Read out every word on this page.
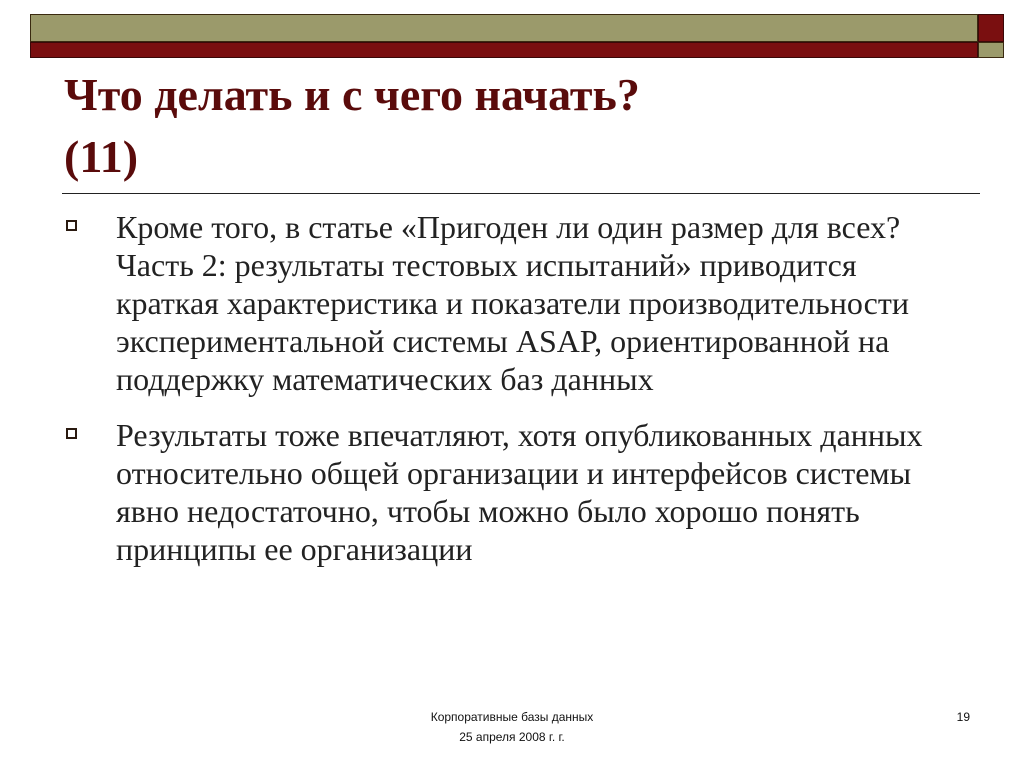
Что делать и с чего начать?
(11)
Кроме того, в статье «Пригоден ли один размер для всех? Часть 2: результаты тестовых испытаний» приводится краткая характеристика и показатели производительности экспериментальной системы ASAP, ориентированной на поддержку математических баз данных
Результаты тоже впечатляют, хотя опубликованных данных относительно общей организации и интерфейсов системы явно недостаточно, чтобы можно было хорошо понять принципы ее организации
Корпоративные базы данных
25 апреля 2008 г. г.
19
